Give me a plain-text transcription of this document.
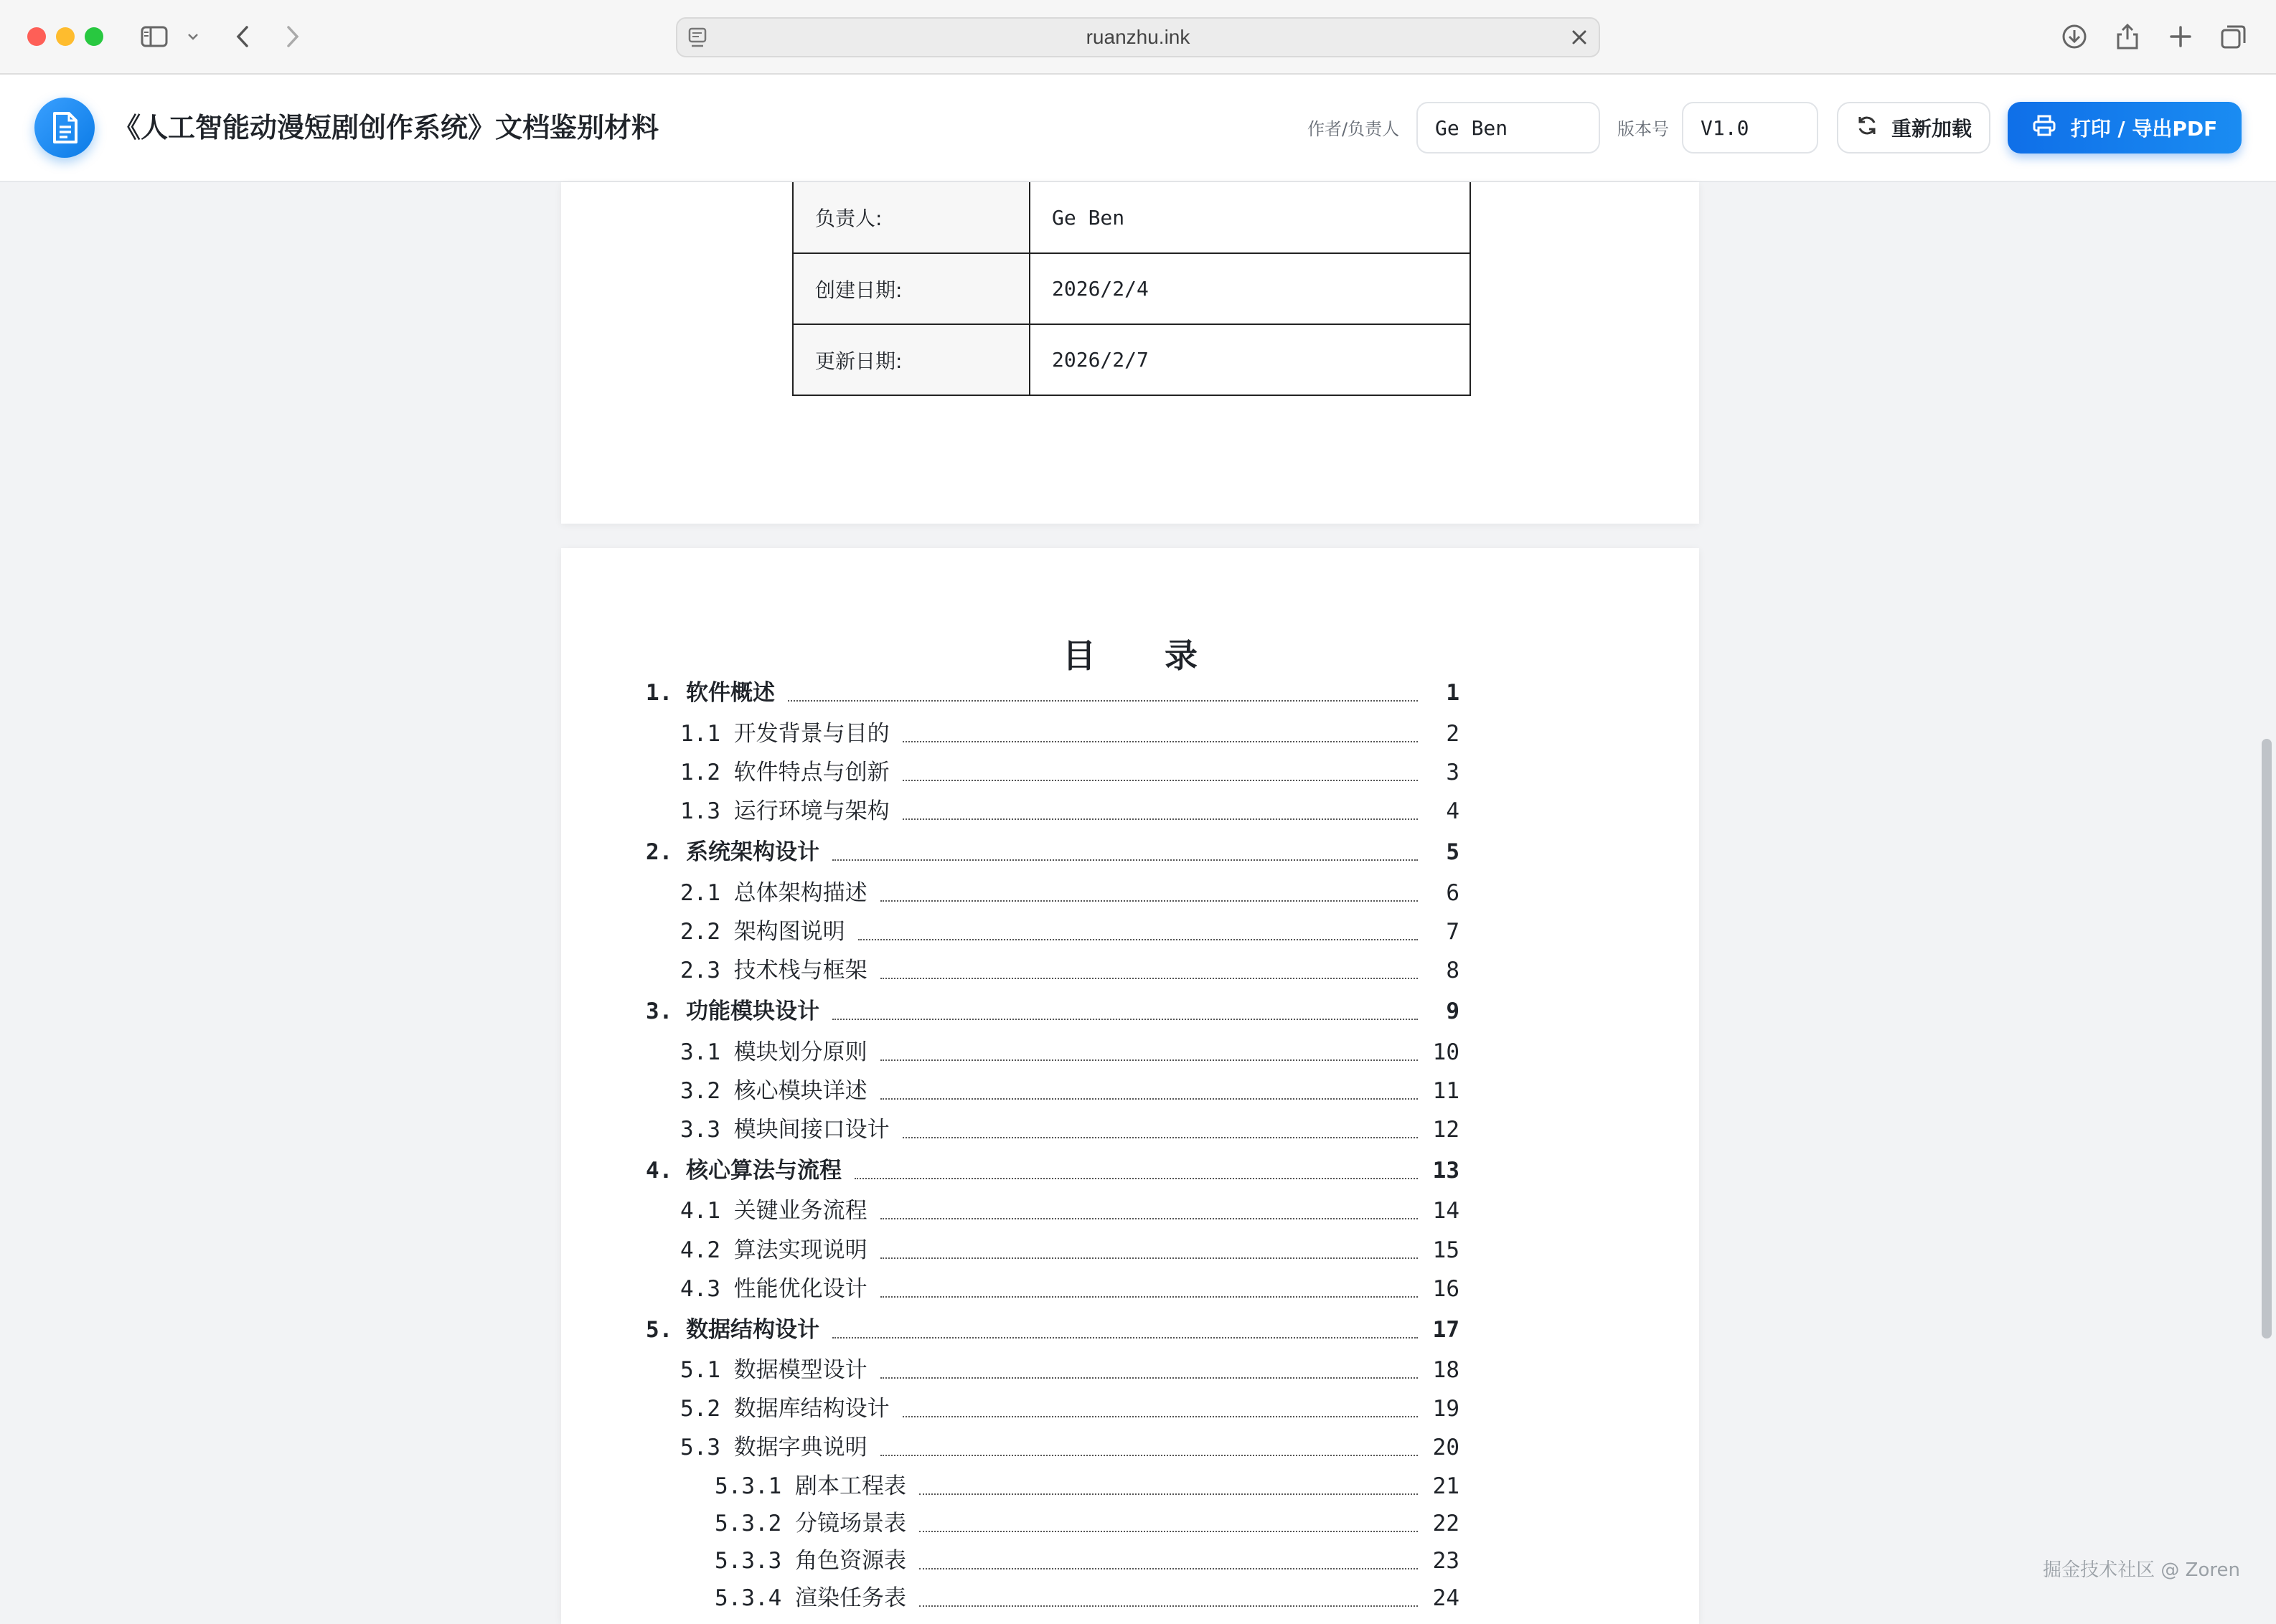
ruanzhu.ink
《人工智能动漫短剧创作系统》文档鉴别材料	作者/负责人
Ge Ben	版本号
V1.0	重新加载	打印 / 导出PDF
负责人:	Ge Ben
创建日期:	2026/2/4
更新日期:	2026/2/7
目 录
1. 软件概述	1
1.1 开发背景与目的	2
1.2 软件特点与创新	3
1.3 运行环境与架构	4
2. 系统架构设计	5
2.1 总体架构描述	6
2.2 架构图说明	7
2.3 技术栈与框架	8
3. 功能模块设计	9
3.1 模块划分原则	10
3.2 核心模块详述	11
3.3 模块间接口设计	12
4. 核心算法与流程	13
4.1 关键业务流程	14
4.2 算法实现说明	15
4.3 性能优化设计	16
5. 数据结构设计	17
5.1 数据模型设计	18
5.2 数据库结构设计	19
5.3 数据字典说明	20
5.3.1 剧本工程表	21
5.3.2 分镜场景表	22
5.3.3 角色资源表	23
5.3.4 渲染任务表	24
掘金技术社区 @ Zoren
